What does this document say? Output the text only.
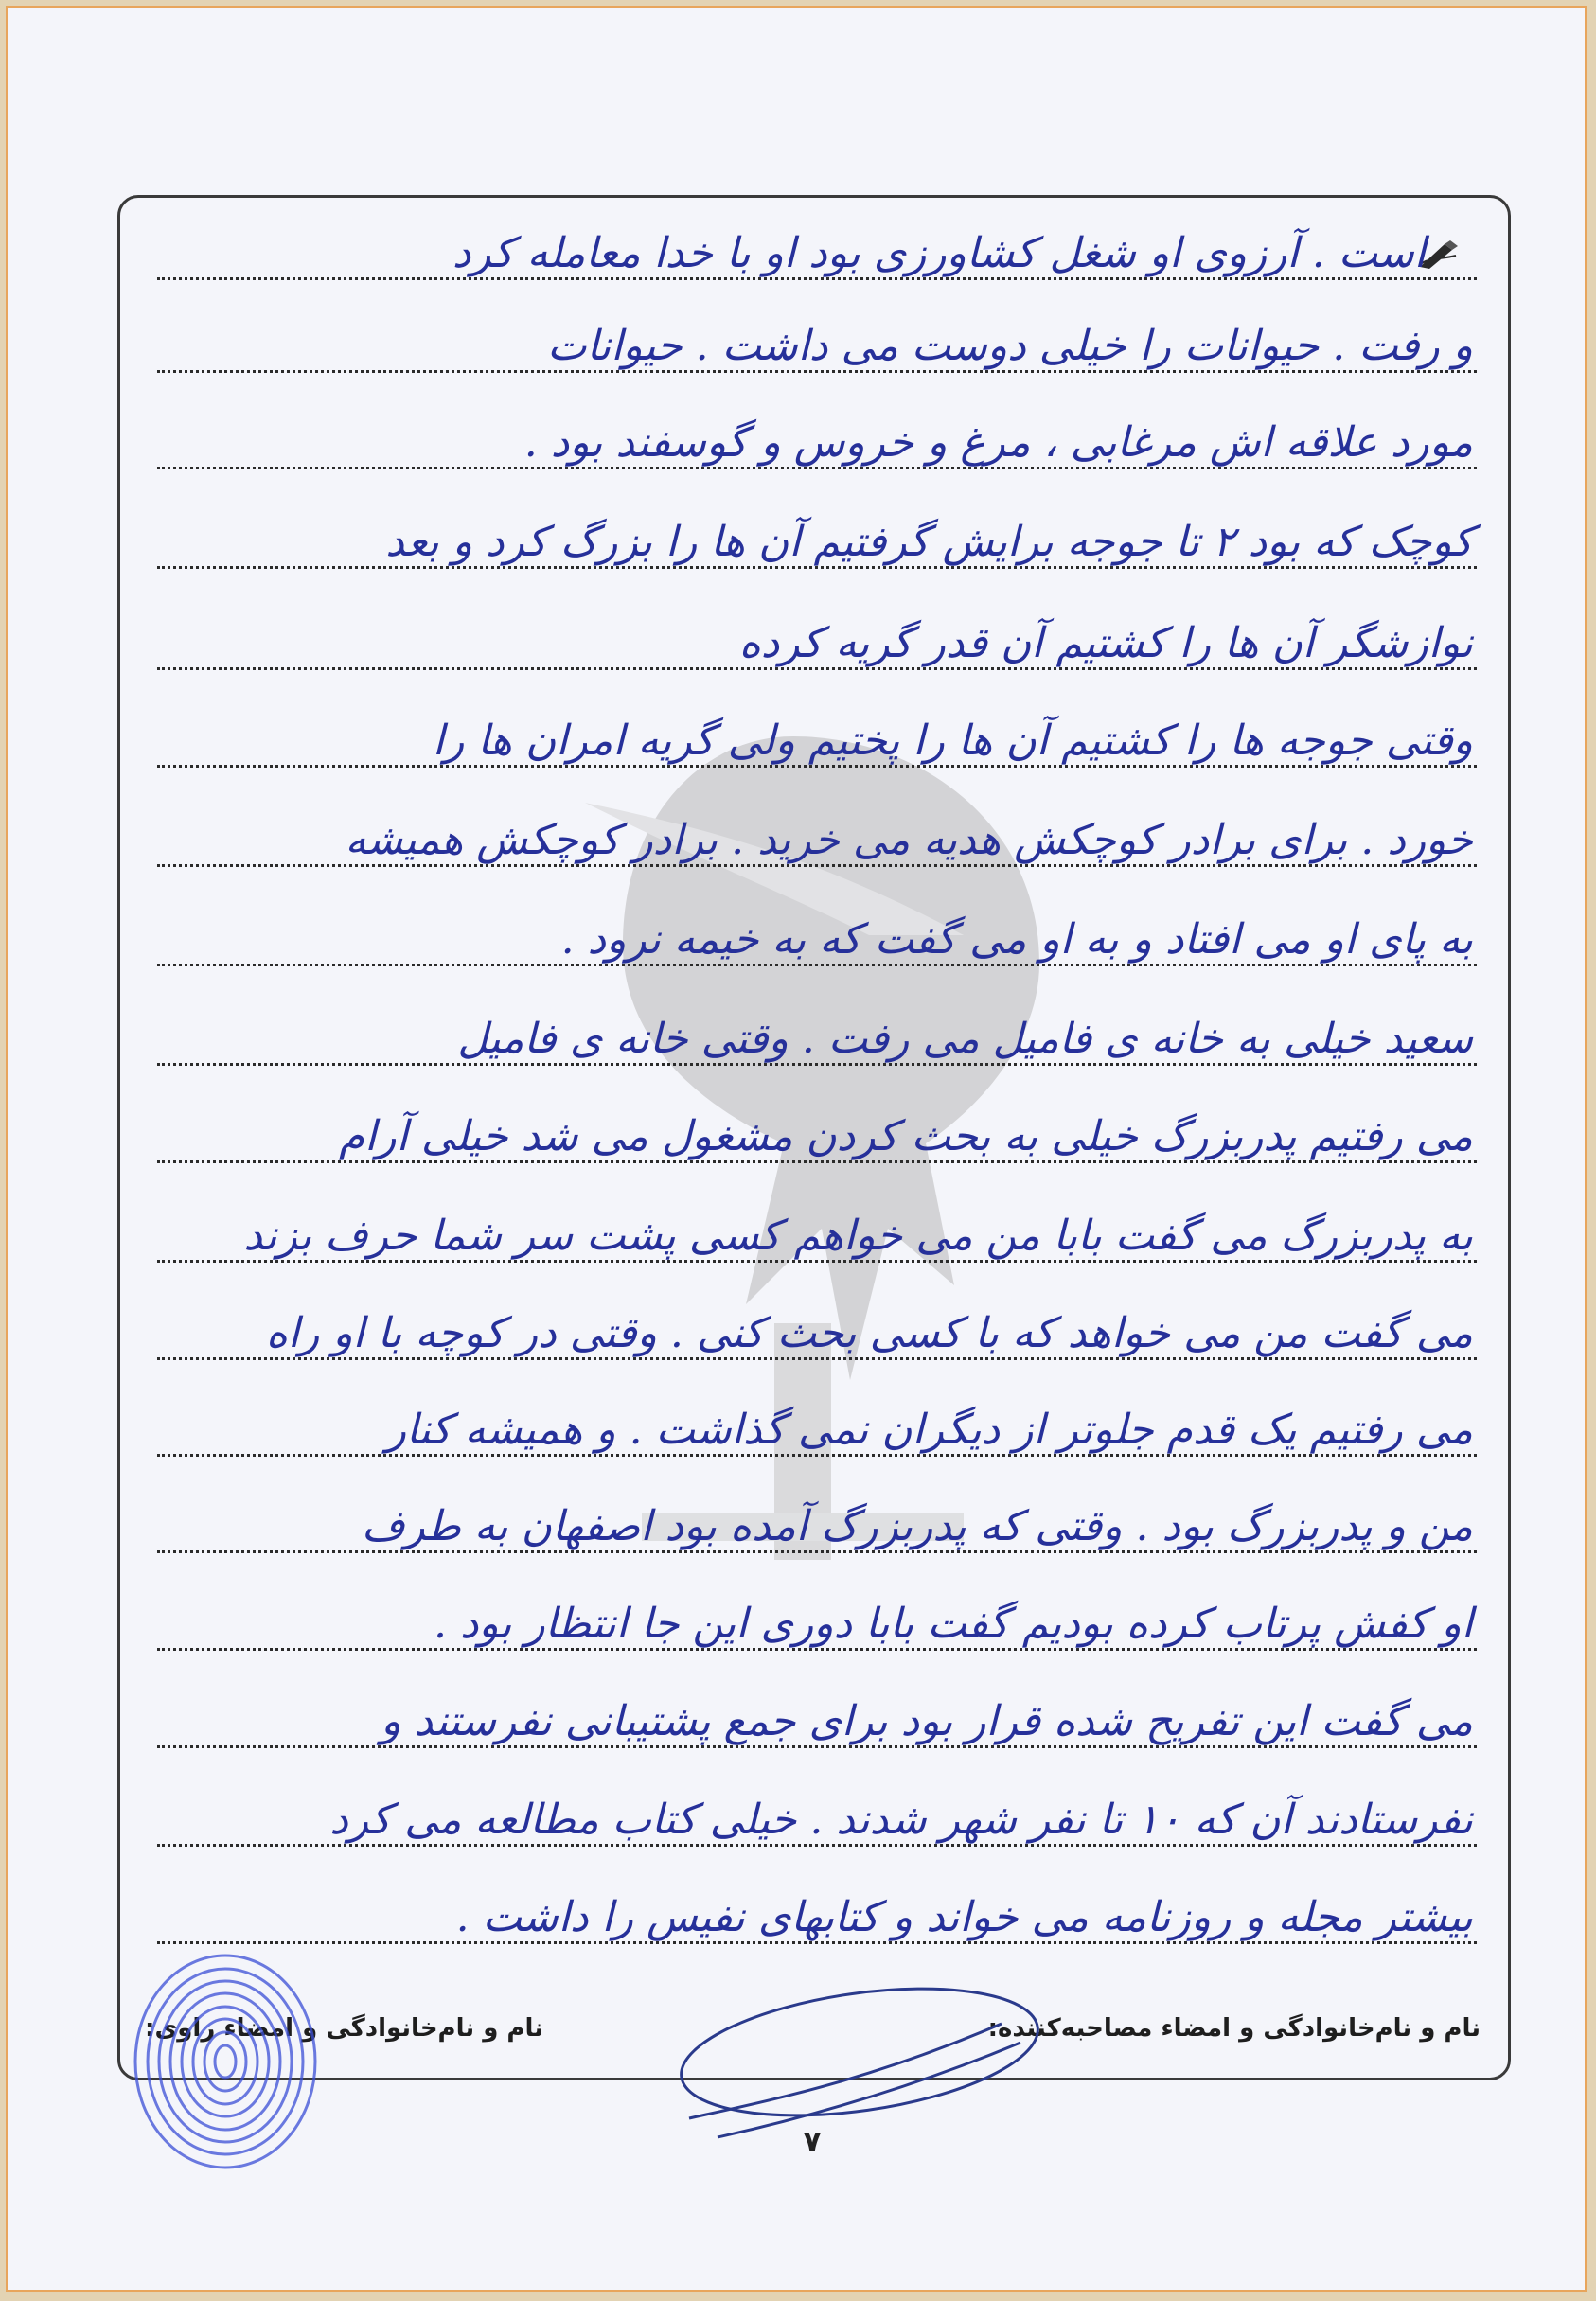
است . آرزوی او شغل کشاورزی بود او با خدا معامله کرد
و رفت . حیوانات را خیلی دوست می داشت . حیوانات
مورد علاقه اش مرغابی ، مرغ و خروس و گوسفند بود .
کوچک که بود ۲ تا جوجه برایش گرفتیم آن ها را بزرگ کرد و بعد
نوازشگر آن ها را کشتیم آن قدر گریه کرده
وقتی جوجه ها را کشتیم آن ها را پختیم ولی گریه امران ها را
خورد . برای برادر کوچکش هدیه می خرید . برادر کوچکش همیشه
به پای او می افتاد و به او می گفت که به خیمه نرود .
سعید خیلی به خانه ی فامیل می رفت . وقتی خانه ی فامیل
می رفتیم پدربزرگ خیلی به بحث کردن مشغول می شد خیلی آرام
به پدربزرگ می گفت بابا من می خواهم کسی پشت سر شما حرف بزند
می گفت من می خواهد که با کسی بحث کنی . وقتی در کوچه با او راه
می رفتیم یک قدم جلوتر از دیگران نمی گذاشت . و همیشه کنار
من و پدربزرگ بود . وقتی که پدربزرگ آمده بود اصفهان به طرف
او کفش پرتاب کرده بودیم گفت بابا دوری این جا انتظار بود .
می گفت این تفریح شده قرار بود برای جمع پشتیبانی نفرستند و
نفرستادند آن که ۱۰ تا نفر شهر شدند . خیلی کتاب مطالعه می کرد
بیشتر مجله و روزنامه می خواند و کتابهای نفیس را داشت .
نام و نام‌خانوادگی و امضاء مصاحبه‌کننده:
نام و نام‌خانوادگی و امضاء راوی:
۷
